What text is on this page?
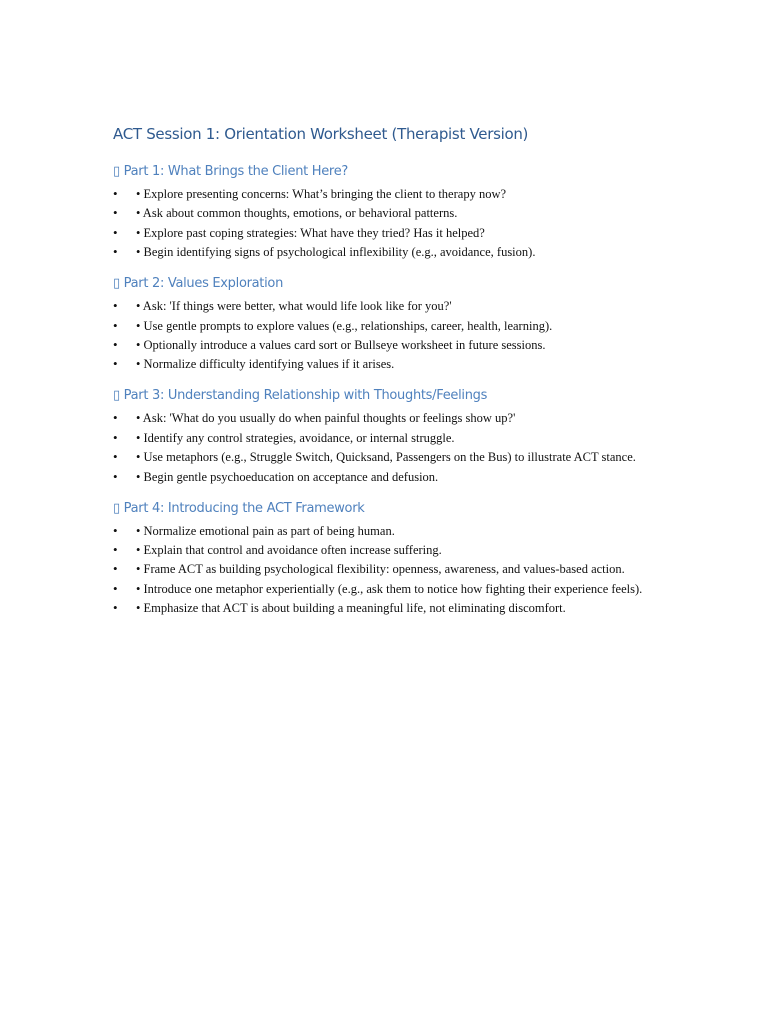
ACT Session 1: Orientation Worksheet (Therapist Version)
▯ Part 1: What Brings the Client Here?
• • Explore presenting concerns: What’s bringing the client to therapy now?
• • Ask about common thoughts, emotions, or behavioral patterns.
• • Explore past coping strategies: What have they tried? Has it helped?
• • Begin identifying signs of psychological inflexibility (e.g., avoidance, fusion).
▯ Part 2: Values Exploration
• • Ask: 'If things were better, what would life look like for you?'
• • Use gentle prompts to explore values (e.g., relationships, career, health, learning).
• • Optionally introduce a values card sort or Bullseye worksheet in future sessions.
• • Normalize difficulty identifying values if it arises.
▯ Part 3: Understanding Relationship with Thoughts/Feelings
• • Ask: 'What do you usually do when painful thoughts or feelings show up?'
• • Identify any control strategies, avoidance, or internal struggle.
• • Use metaphors (e.g., Struggle Switch, Quicksand, Passengers on the Bus) to illustrate ACT stance.
• • Begin gentle psychoeducation on acceptance and defusion.
▯ Part 4: Introducing the ACT Framework
• • Normalize emotional pain as part of being human.
• • Explain that control and avoidance often increase suffering.
• • Frame ACT as building psychological flexibility: openness, awareness, and values-based action.
• • Introduce one metaphor experientially (e.g., ask them to notice how fighting their experience feels).
• • Emphasize that ACT is about building a meaningful life, not eliminating discomfort.
